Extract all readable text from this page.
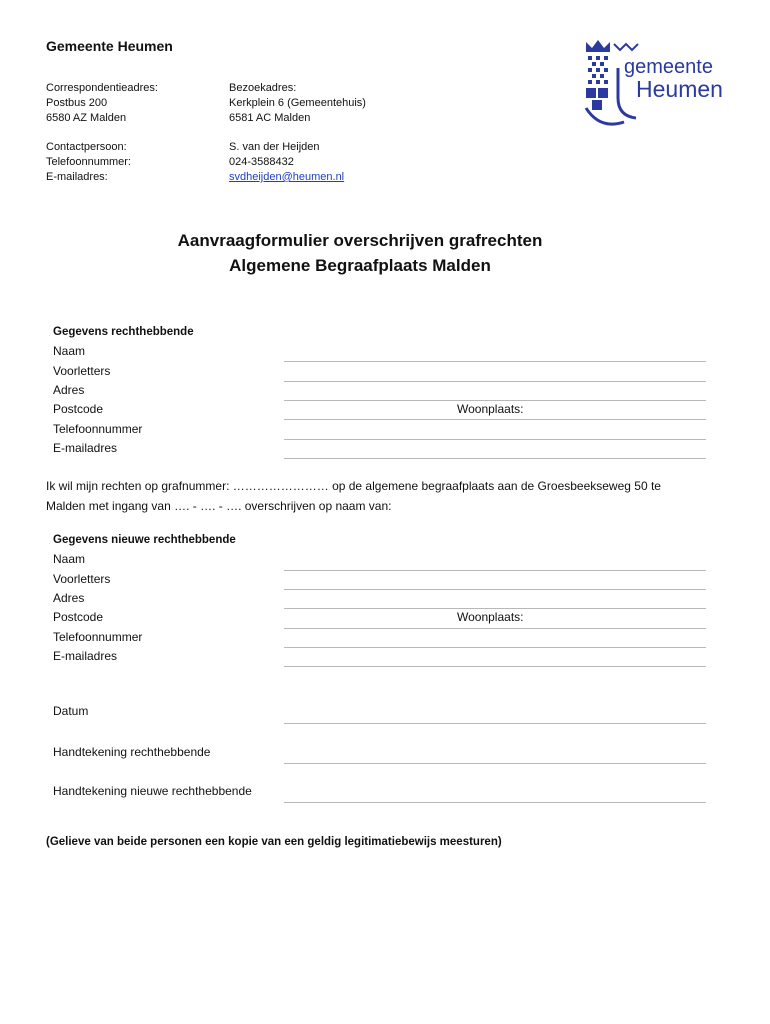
Gemeente Heumen
Correspondentieadres:
Postbus 200
6580 AZ Malden
Bezoekadres:
Kerkplein 6 (Gemeentehuis)
6581 AC Malden
Contactpersoon:
Telefoonnummer:
E-mailadres:
S. van der Heijden
024-3588432
svdheijden@heumen.nl
gemeente
Heumen
Aanvraagformulier overschrijven grafrechten
Algemene Begraafplaats Malden
Gegevens rechthebbende
Naam
Voorletters
Adres
Postcode	Woonplaats:
Telefoonnummer
E-mailadres
Ik wil mijn rechten op grafnummer: …………………… op de algemene begraafplaats aan de Groesbeekseweg 50 te
Malden met ingang van …. - …. - …. overschrijven op naam van:
Gegevens nieuwe rechthebbende
Naam
Voorletters
Adres
Postcode	Woonplaats:
Telefoonnummer
E-mailadres
Datum
Handtekening rechthebbende
Handtekening nieuwe rechthebbende
(Gelieve van beide personen een kopie van een geldig legitimatiebewijs meesturen)
